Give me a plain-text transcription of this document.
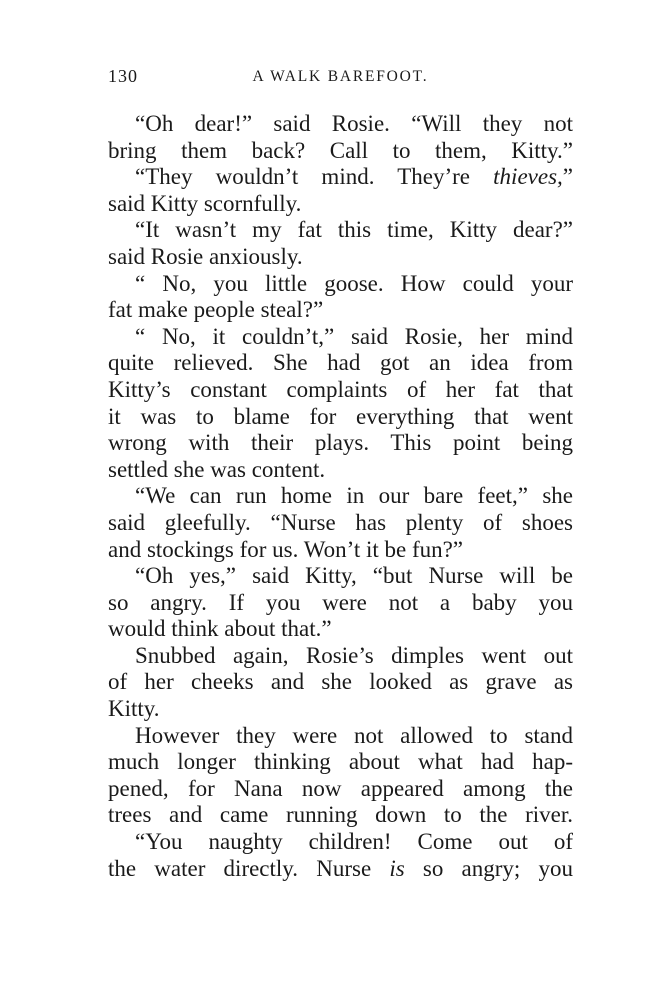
130	A WALK BAREFOOT.
“Oh dear!” said Rosie. “Will they not
bring them back? Call to them, Kitty.”
“They wouldn’t mind. They’re thieves,”
said Kitty scornfully.
“It wasn’t my fat this time, Kitty dear?”
said Rosie anxiously.
“ No, you little goose. How could your
fat make people steal?”
“ No, it couldn’t,” said Rosie, her mind
quite relieved. She had got an idea from
Kitty’s constant complaints of her fat that
it was to blame for everything that went
wrong with their plays. This point being
settled she was content.
“We can run home in our bare feet,” she
said gleefully. “Nurse has plenty of shoes
and stockings for us. Won’t it be fun?”
“Oh yes,” said Kitty, “but Nurse will be
so angry. If you were not a baby you
would think about that.”
Snubbed again, Rosie’s dimples went out
of her cheeks and she looked as grave as
Kitty.
However they were not allowed to stand
much longer thinking about what had hap-
pened, for Nana now appeared among the
trees and came running down to the river.
“You naughty children! Come out of
the water directly. Nurse is so angry; you
